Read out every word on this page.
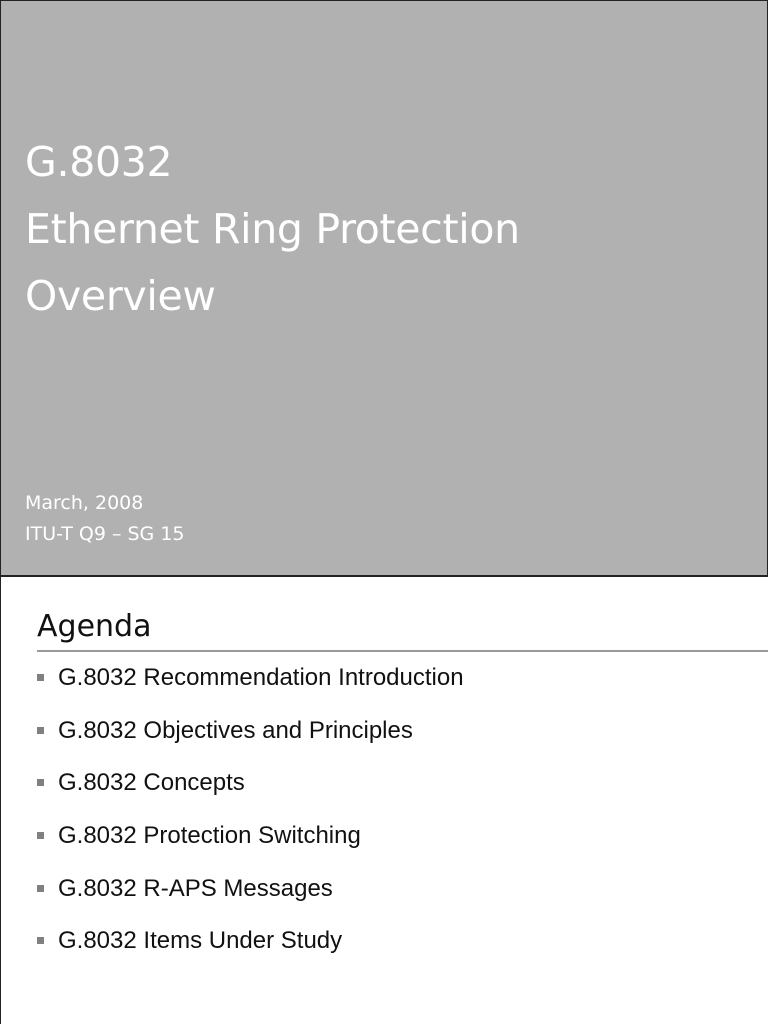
G.8032
Ethernet Ring Protection
Overview
March, 2008
ITU-T Q9 – SG 15
Agenda
G.8032 Recommendation Introduction
G.8032 Objectives and Principles
G.8032 Concepts
G.8032 Protection Switching
G.8032 R-APS Messages
G.8032 Items Under Study
